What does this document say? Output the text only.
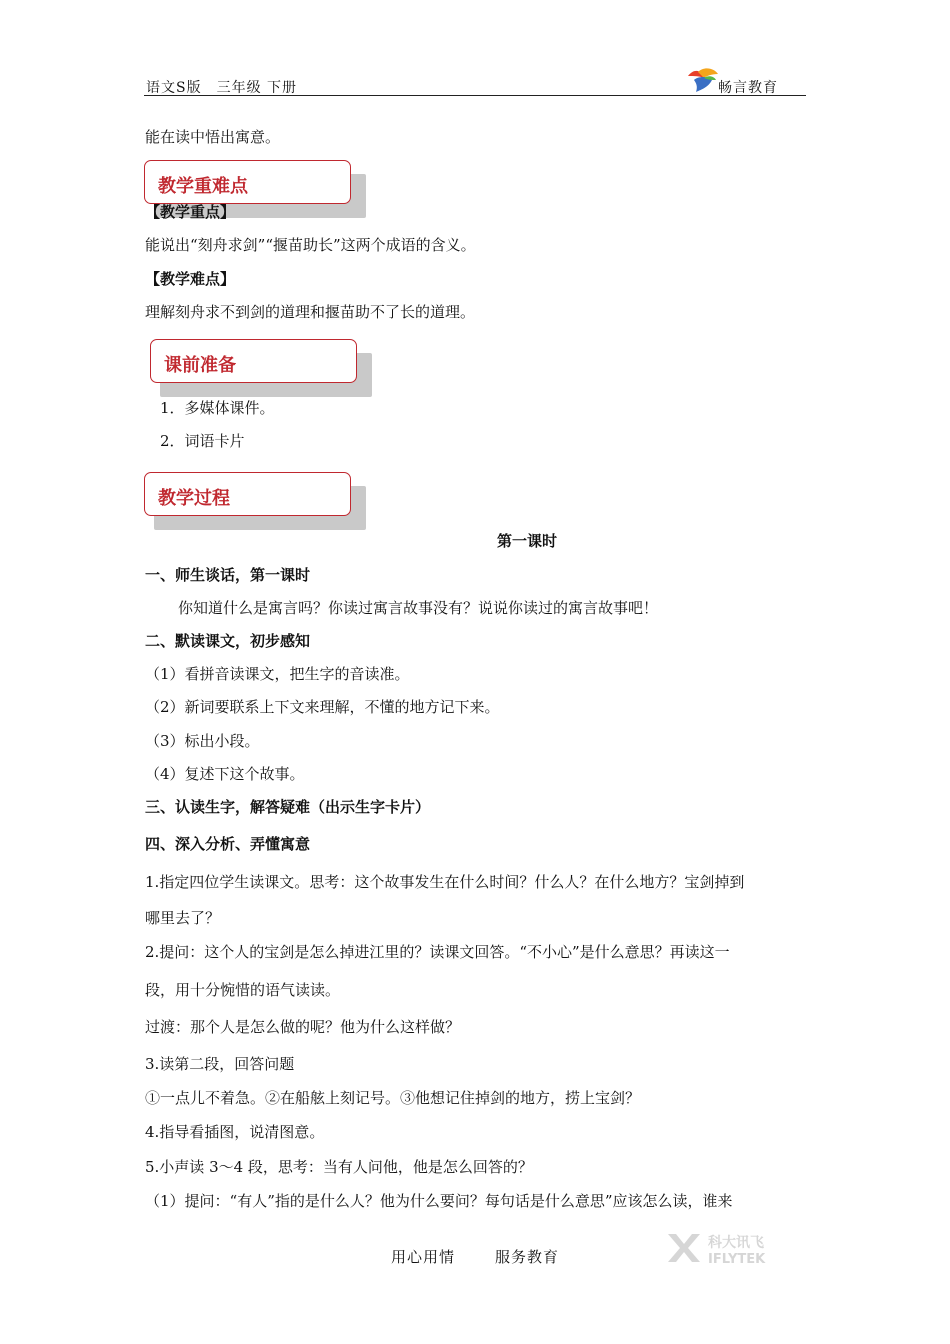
语文S版　三年级 下册	畅言教育
能在读中悟出寓意。
教学重难点
【教学重点】
能说出“刻舟求剑”“揠苗助长”这两个成语的含义。
【教学难点】
理解刻舟求不到剑的道理和揠苗助不了长的道理。
课前准备
1．多媒体课件。
2．词语卡片
教学过程
第一课时
一、师生谈话，第一课时
你知道什么是寓言吗？你读过寓言故事没有？说说你读过的寓言故事吧！
二、默读课文，初步感知
（1）看拼音读课文，把生字的音读准。
（2）新词要联系上下文来理解，不懂的地方记下来。
（3）标出小段。
（4）复述下这个故事。
三、认读生字，解答疑难（出示生字卡片）
四、深入分析、弄懂寓意
1.指定四位学生读课文。思考：这个故事发生在什么时间？什么人？在什么地方？宝剑掉到
哪里去了？
2.提问：这个人的宝剑是怎么掉进江里的？读课文回答。“不小心”是什么意思？再读这一
段，用十分惋惜的语气读读。
过渡：那个人是怎么做的呢？他为什么这样做？
3.读第二段，回答问题
①一点儿不着急。②在船舷上刻记号。③他想记住掉剑的地方，捞上宝剑？
4.指导看插图，说清图意。
5.小声读 3～4 段，思考：当有人问他，他是怎么回答的？
（1）提问：“有人”指的是什么人？他为什么要问？每句话是什么意思”应该怎么读，谁来
用心用情	服务教育
科大讯飞
IFLYTEK
